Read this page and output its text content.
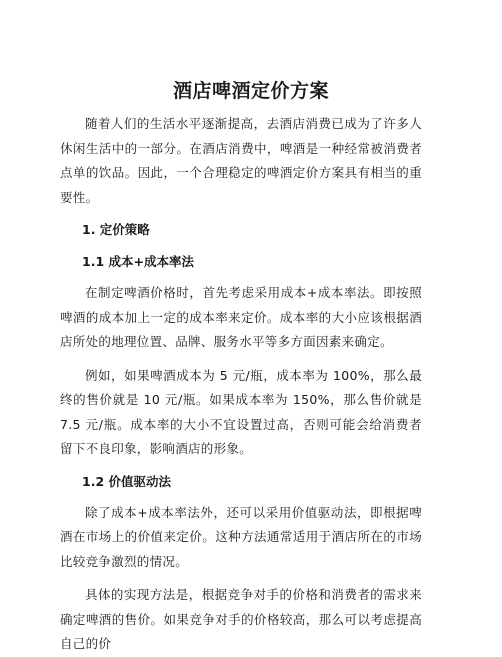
酒店啤酒定价方案

随着人们的生活水平逐渐提高，去酒店消费已成为了许多人休闲生活中的一部分。在酒店消费中，啤酒是一种经常被消费者点单的饮品。因此，一个合理稳定的啤酒定价方案具有相当的重要性。

1. 定价策略
1.1 成本+成本率法

在制定啤酒价格时，首先考虑采用成本+成本率法。即按照啤酒的成本加上一定的成本率来定价。成本率的大小应该根据酒店所处的地理位置、品牌、服务水平等多方面因素来确定。

例如，如果啤酒成本为 5 元/瓶，成本率为 100%，那么最终的售价就是 10 元/瓶。如果成本率为 150%，那么售价就是 7.5 元/瓶。成本率的大小不宜设置过高，否则可能会给消费者留下不良印象，影响酒店的形象。

1.2 价值驱动法

除了成本+成本率法外，还可以采用价值驱动法，即根据啤酒在市场上的价值来定价。这种方法通常适用于酒店所在的市场比较竞争激烈的情况。

具体的实现方法是，根据竞争对手的价格和消费者的需求来确定啤酒的售价。如果竞争对手的价格较高，那么可以考虑提高自己的价
